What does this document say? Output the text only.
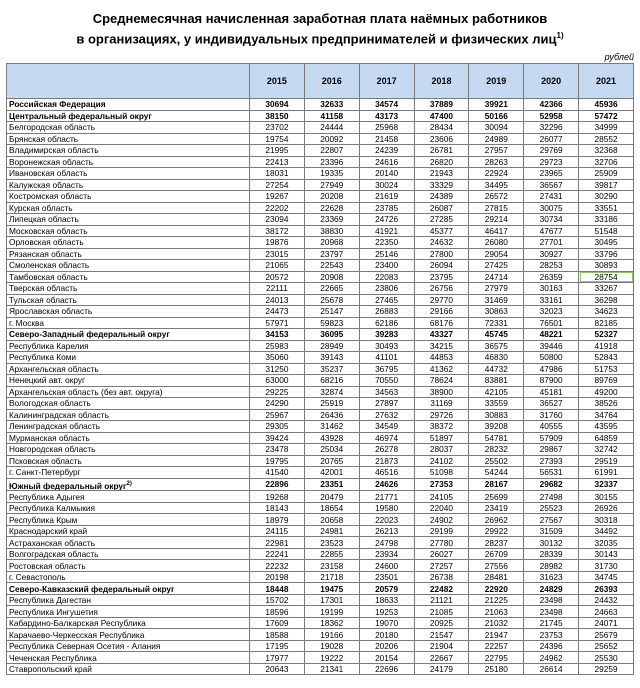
Среднемесячная начисленная заработная плата наёмных работников
в организациях, у индивидуальных предпринимателей и физических лиц$^{1)}$
рублей
	2015	2016	2017	2018	2019	2020	2021
Российская Федерация	30694	32633	34574	37889	39921	42366	45936
Центральный федеральный округ	38150	41158	43173	47400	50166	52958	57472
Белгородская область	23702	24444	25968	28434	30094	32296	34999
Брянская область	19754	20092	21458	23606	24989	26077	28552
Владимирская область	21995	22807	24239	26781	27957	29769	32368
Воронежская область	22413	23396	24616	26820	28263	29723	32706
Ивановская область	18031	19335	20140	21943	22924	23965	25909
Калужская область	27254	27949	30024	33329	34495	36567	39817
Костромская область	19267	20208	21619	24389	26572	27431	30290
Курская область	22202	22628	23785	26087	27815	30075	33551
Липецкая область	23094	23369	24726	27285	29214	30734	33186
Московская область	38172	38830	41921	45377	46417	47677	51548
Орловская область	19876	20968	22350	24632	26080	27701	30495
Рязанская область	23015	23797	25146	27800	29054	30927	33796
Смоленская область	21065	22543	23400	26094	27425	28253	30893
Тамбовская область	20572	20908	22083	23795	24714	26359	28754
Тверская область	22111	22665	23806	26756	27979	30163	33267
Тульская область	24013	25678	27465	29770	31469	33161	36298
Ярославская область	24473	25147	26883	29166	30863	32023	34623
г. Москва	57971	59823	62186	68176	72331	76501	82185
Северо-Западный федеральный округ	34153	36095	39283	43327	45745	48221	52327
Республика Карелия	25983	28949	30493	34215	36575	39446	41918
Республика Коми	35060	39143	41101	44853	46830	50800	52843
Архангельская область	31250	35237	36795	41362	44732	47986	51753
Ненецкий авт. округ	63000	68216	70550	78624	83881	87900	89769
Архангельская область (без авт. округа)	29225	32874	34563	38900	42105	45181	49200
Вологодская область	24290	25919	27897	31169	33559	36527	38526
Калининградская область	25967	26436	27632	29726	30883	31760	34764
Ленинградская область	29305	31462	34549	38372	39208	40555	43595
Мурманская область	39424	43928	46974	51897	54781	57909	64859
Новгородская область	23478	25034	26278	28037	28232	29867	32742
Псковская область	19795	20765	21873	24102	25502	27393	29519
г. Санкт-Петербург	41540	42001	46516	51098	54244	56531	61991
Южный федеральный округ$^{2)}$	22896	23351	24626	27353	28167	29682	32337
Республика Адыгея	19268	20479	21771	24105	25699	27498	30155
Республика Калмыкия	18143	18654	19580	22040	23419	25523	26926
Республика Крым	18979	20658	22023	24902	26962	27567	30318
Краснодарский край	24115	24981	26213	29199	29922	31509	34492
Астраханская область	22981	23523	24798	27780	28237	30132	32035
Волгоградская область	22241	22855	23934	26027	26709	28339	30143
Ростовская область	22232	23158	24600	27257	27556	28982	31730
г. Севастополь	20198	21718	23501	26738	28481	31623	34745
Северо-Кавказский федеральный округ	18448	19475	20579	22482	22920	24829	26393
Республика Дагестан	15702	17301	18633	21121	21225	23498	24432
Республика Ингушетия	18596	19199	19253	21085	21063	23498	24663
Кабардино-Балкарская Республика	17609	18362	19070	20925	21032	21745	24071
Карачаево-Черкесская Республика	18588	19166	20180	21547	21947	23753	25679
Республика Северная Осетия - Алания	17195	19028	20206	21904	22257	24396	25652
Чеченская Республика	17977	19222	20154	22667	22795	24962	25530
Ставропольский край	20643	21341	22696	24179	25180	26614	29259
